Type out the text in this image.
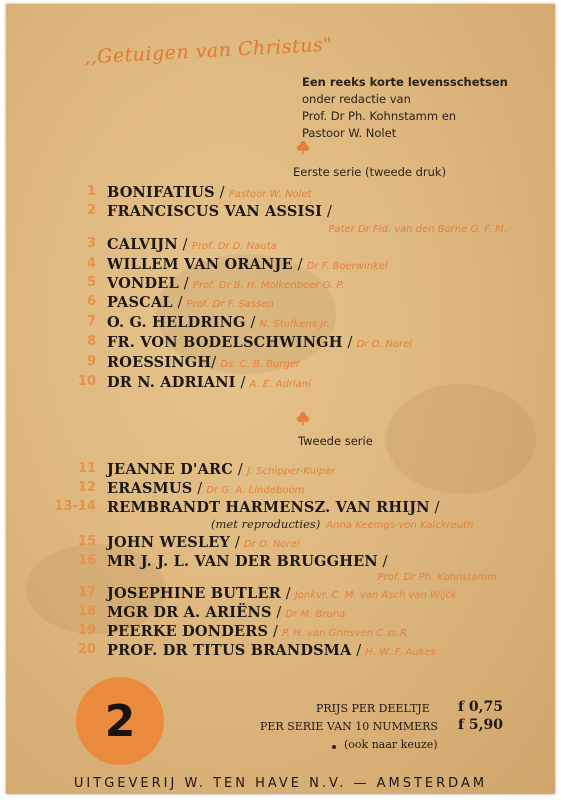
,,Getuigen van Christus"
Een reeks korte levensschetsen
onder redactie van
Prof. Dr Ph. Kohnstamm en
Pastoor W. Nolet
Eerste serie (tweede druk)
1 BONIFATIUS / Pastoor W. Nolet
2 FRANCISCUS VAN ASSISI /
Pater Dr Fid. van den Borne O. F. M.
3 CALVIJN / Prof. Dr D. Nauta
4 WILLEM VAN ORANJE / Dr F. Boerwinkel
5 VONDEL / Prof. Dr B. H. Molkenboer O. P.
6 PASCAL / Prof. Dr F. Sassen
7 O. G. HELDRING / N. Stufkens Jr.
8 FR. VON BODELSCHWINGH / Dr O. Norel
9 ROESSINGH/ Ds. C. B. Burger
10 DR N. ADRIANI / A. E. Adriani
Tweede serie
11 JEANNE D'ARC / J. Schipper-Kuiper
12 ERASMUS / Dr G. A. Lindeboom
13-14 REMBRANDT HARMENSZ. VAN RHIJN /
(met reproducties) Anna Keemgs-von Kalckreuth
15 JOHN WESLEY / Dr O. Norel
16 MR J. J. L. VAN DER BRUGGHEN /
Prof. Dr Ph. Kohnstamm
17 JOSEPHINE BUTLER / Jonkvr. C. M. van Asch van Wijck
18 MGR DR A. ARIËNS / Dr M. Bruna
19 PEERKE DONDERS / P. H. van Grinsven C.ss.R.
20 PROF. DR TITUS BRANDSMA / H. W. F. Aukes
2	PRIJS PER DEELTJE f 0,75
PER SERIE VAN 10 NUMMERS f 5,90
(ook naar keuze)
UITGEVERIJ W. TEN HAVE N.V. — AMSTERDAM
